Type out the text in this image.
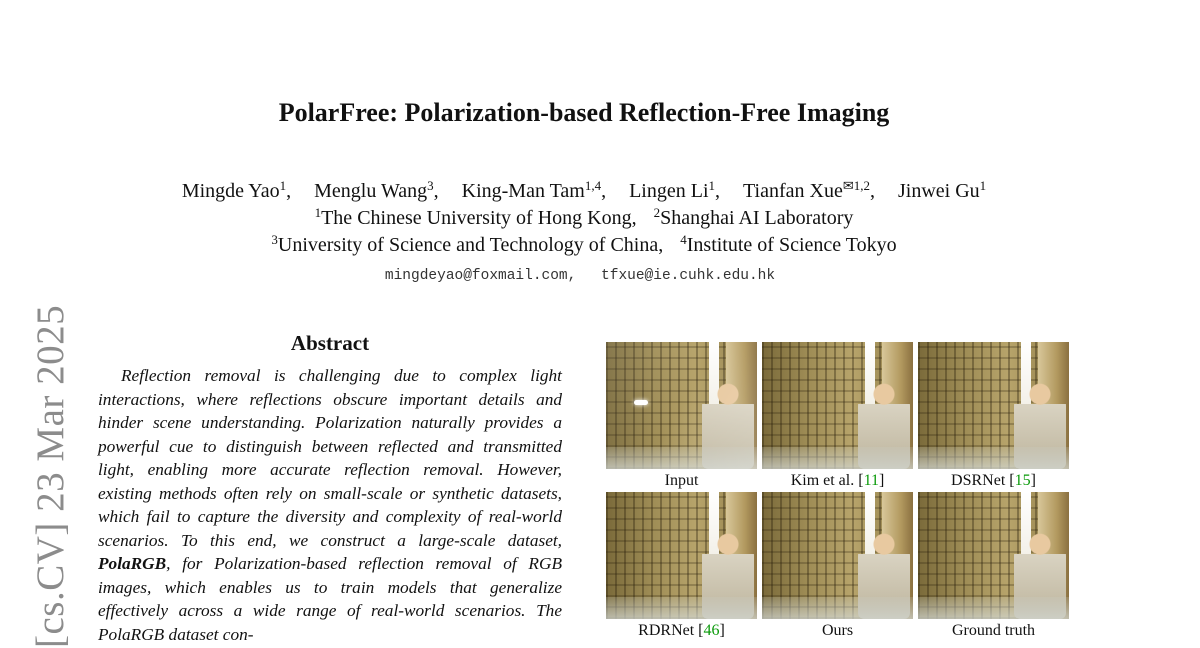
[cs.CV] 23 Mar 2025
PolarFree: Polarization-based Reflection-Free Imaging
Mingde Yao$^1$, Menglu Wang$^3$, King-Man Tam$^{1,4}$, Lingen Li$^1$, Tianfan Xue$^{✉1,2}$, Jinwei Gu$^1$
$^1$The Chinese University of Hong Kong, $^2$Shanghai AI Laboratory
$^3$University of Science and Technology of China, $^4$Institute of Science Tokyo
mingdeyao@foxmail.com, tfxue@ie.cuhk.edu.hk
Abstract

Reflection removal is challenging due to complex light interactions, where reflections obscure important details and hinder scene understanding. Polarization naturally provides a powerful cue to distinguish between reflected and transmitted light, enabling more accurate reflection removal. However, existing methods often rely on small-scale or synthetic datasets, which fail to capture the diversity and complexity of real-world scenarios. To this end, we construct a large-scale dataset, PolaRGB, for Polarization-based reflection removal of RGB images, which enables us to train models that generalize effectively across a wide range of real-world scenarios. The PolaRGB dataset con-

Input	Kim et al. [11]	DSRNet [15]
RDRNet [46]	Ours	Ground truth
